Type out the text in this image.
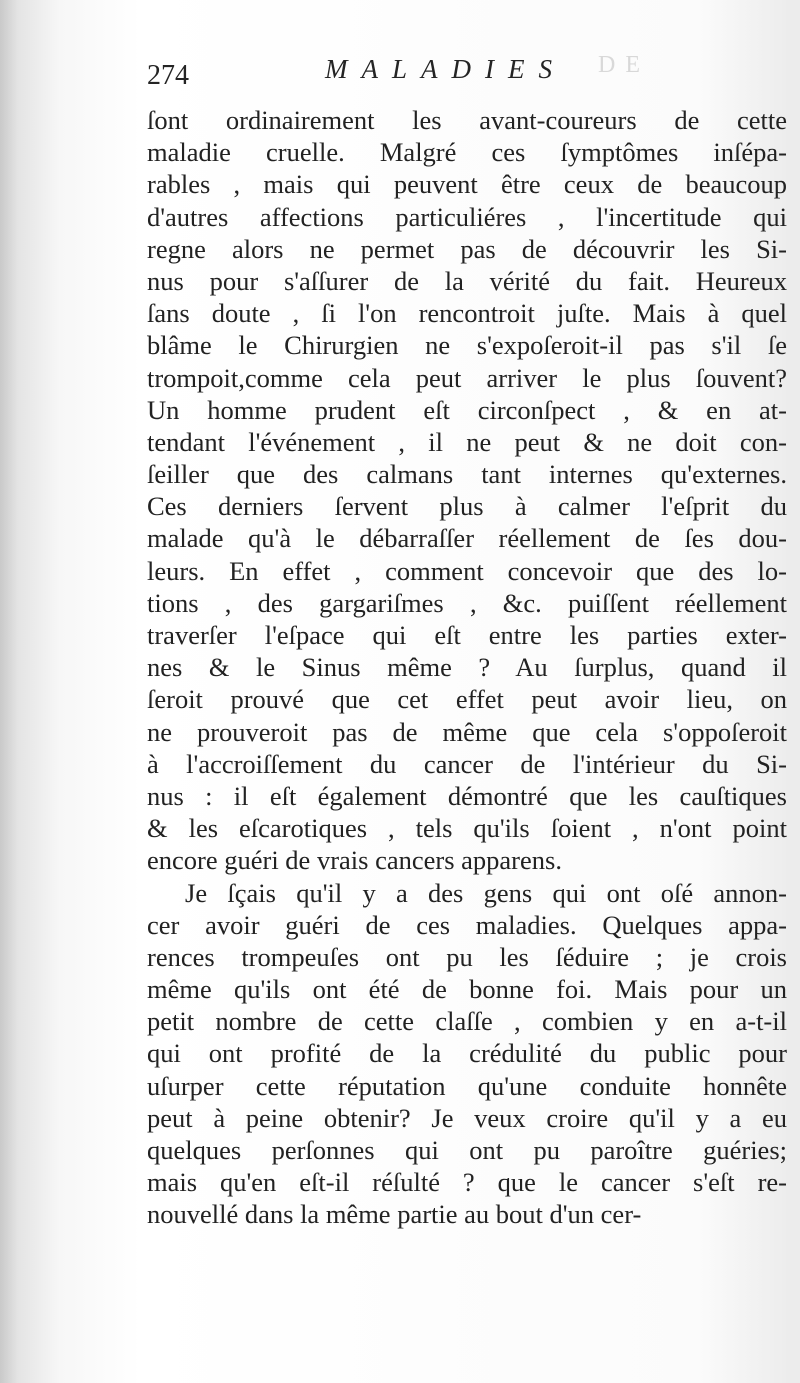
DE
274	MALADIES
ſont ordinairement les avant-coureurs de cette
maladie cruelle. Malgré ces ſymptômes inſépa-
rables , mais qui peuvent être ceux de beaucoup
d'autres affections particuliéres , l'incertitude qui
regne alors ne permet pas de découvrir les Si-
nus pour s'aſſurer de la vérité du fait. Heureux
ſans doute , ſi l'on rencontroit juſte. Mais à quel
blâme le Chirurgien ne s'expoſeroit-il pas s'il ſe
trompoit,comme cela peut arriver le plus ſouvent?
Un homme prudent eſt circonſpect , & en at-
tendant l'événement , il ne peut & ne doit con-
ſeiller que des calmans tant internes qu'externes.
Ces derniers ſervent plus à calmer l'eſprit du
malade qu'à le débarraſſer réellement de ſes dou-
leurs. En effet , comment concevoir que des lo-
tions , des gargariſmes , &c. puiſſent réellement
traverſer l'eſpace qui eſt entre les parties exter-
nes & le Sinus même ? Au ſurplus, quand il
ſeroit prouvé que cet effet peut avoir lieu, on
ne prouveroit pas de même que cela s'oppoſeroit
à l'accroiſſement du cancer de l'intérieur du Si-
nus : il eſt également démontré que les cauſtiques
& les eſcarotiques , tels qu'ils ſoient , n'ont point
encore guéri de vrais cancers apparens.
Je ſçais qu'il y a des gens qui ont oſé annon-
cer avoir guéri de ces maladies. Quelques appa-
rences trompeuſes ont pu les ſéduire ; je crois
même qu'ils ont été de bonne foi. Mais pour un
petit nombre de cette claſſe , combien y en a-t-il
qui ont profité de la crédulité du public pour
uſurper cette réputation qu'une conduite honnête
peut à peine obtenir? Je veux croire qu'il y a eu
quelques perſonnes qui ont pu paroître guéries;
mais qu'en eſt-il réſulté ? que le cancer s'eſt re-
nouvellé dans la même partie au bout d'un cer-
